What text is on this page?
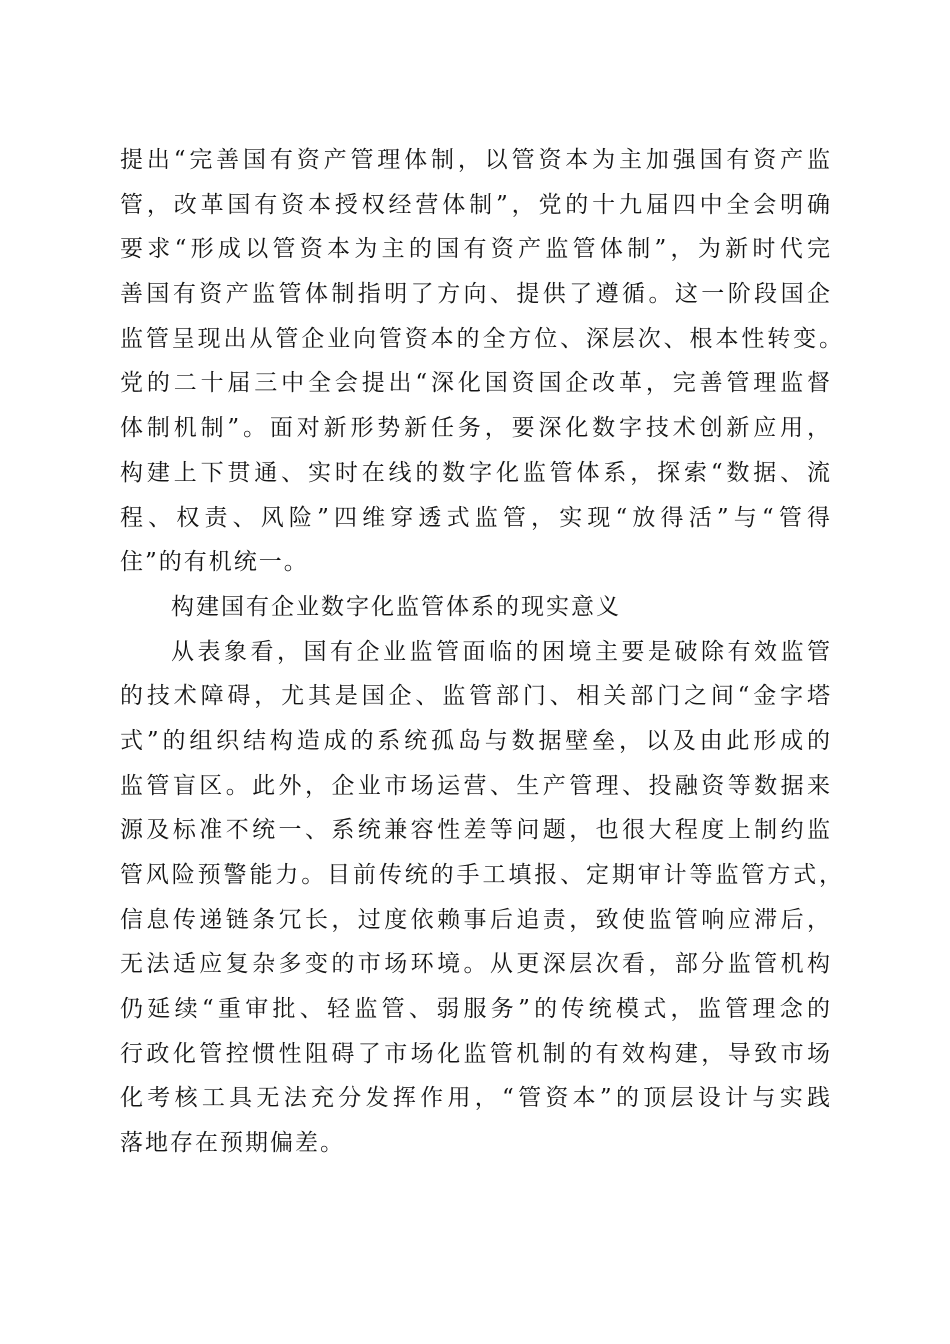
提出“完善国有资产管理体制，以管资本为主加强国有资产监
管，改革国有资本授权经营体制”，党的十九届四中全会明确
要求“形成以管资本为主的国有资产监管体制”，为新时代完
善国有资产监管体制指明了方向、提供了遵循。这一阶段国企
监管呈现出从管企业向管资本的全方位、深层次、根本性转变。
党的二十届三中全会提出“深化国资国企改革，完善管理监督
体制机制”。面对新形势新任务，要深化数字技术创新应用，
构建上下贯通、实时在线的数字化监管体系，探索“数据、流
程、权责、风险”四维穿透式监管，实现“放得活”与“管得
住”的有机统一。
构建国有企业数字化监管体系的现实意义
从表象看，国有企业监管面临的困境主要是破除有效监管
的技术障碍，尤其是国企、监管部门、相关部门之间“金字塔
式”的组织结构造成的系统孤岛与数据壁垒，以及由此形成的
监管盲区。此外，企业市场运营、生产管理、投融资等数据来
源及标准不统一、系统兼容性差等问题，也很大程度上制约监
管风险预警能力。目前传统的手工填报、定期审计等监管方式，
信息传递链条冗长，过度依赖事后追责，致使监管响应滞后，
无法适应复杂多变的市场环境。从更深层次看，部分监管机构
仍延续“重审批、轻监管、弱服务”的传统模式，监管理念的
行政化管控惯性阻碍了市场化监管机制的有效构建，导致市场
化考核工具无法充分发挥作用，“管资本”的顶层设计与实践
落地存在预期偏差。
